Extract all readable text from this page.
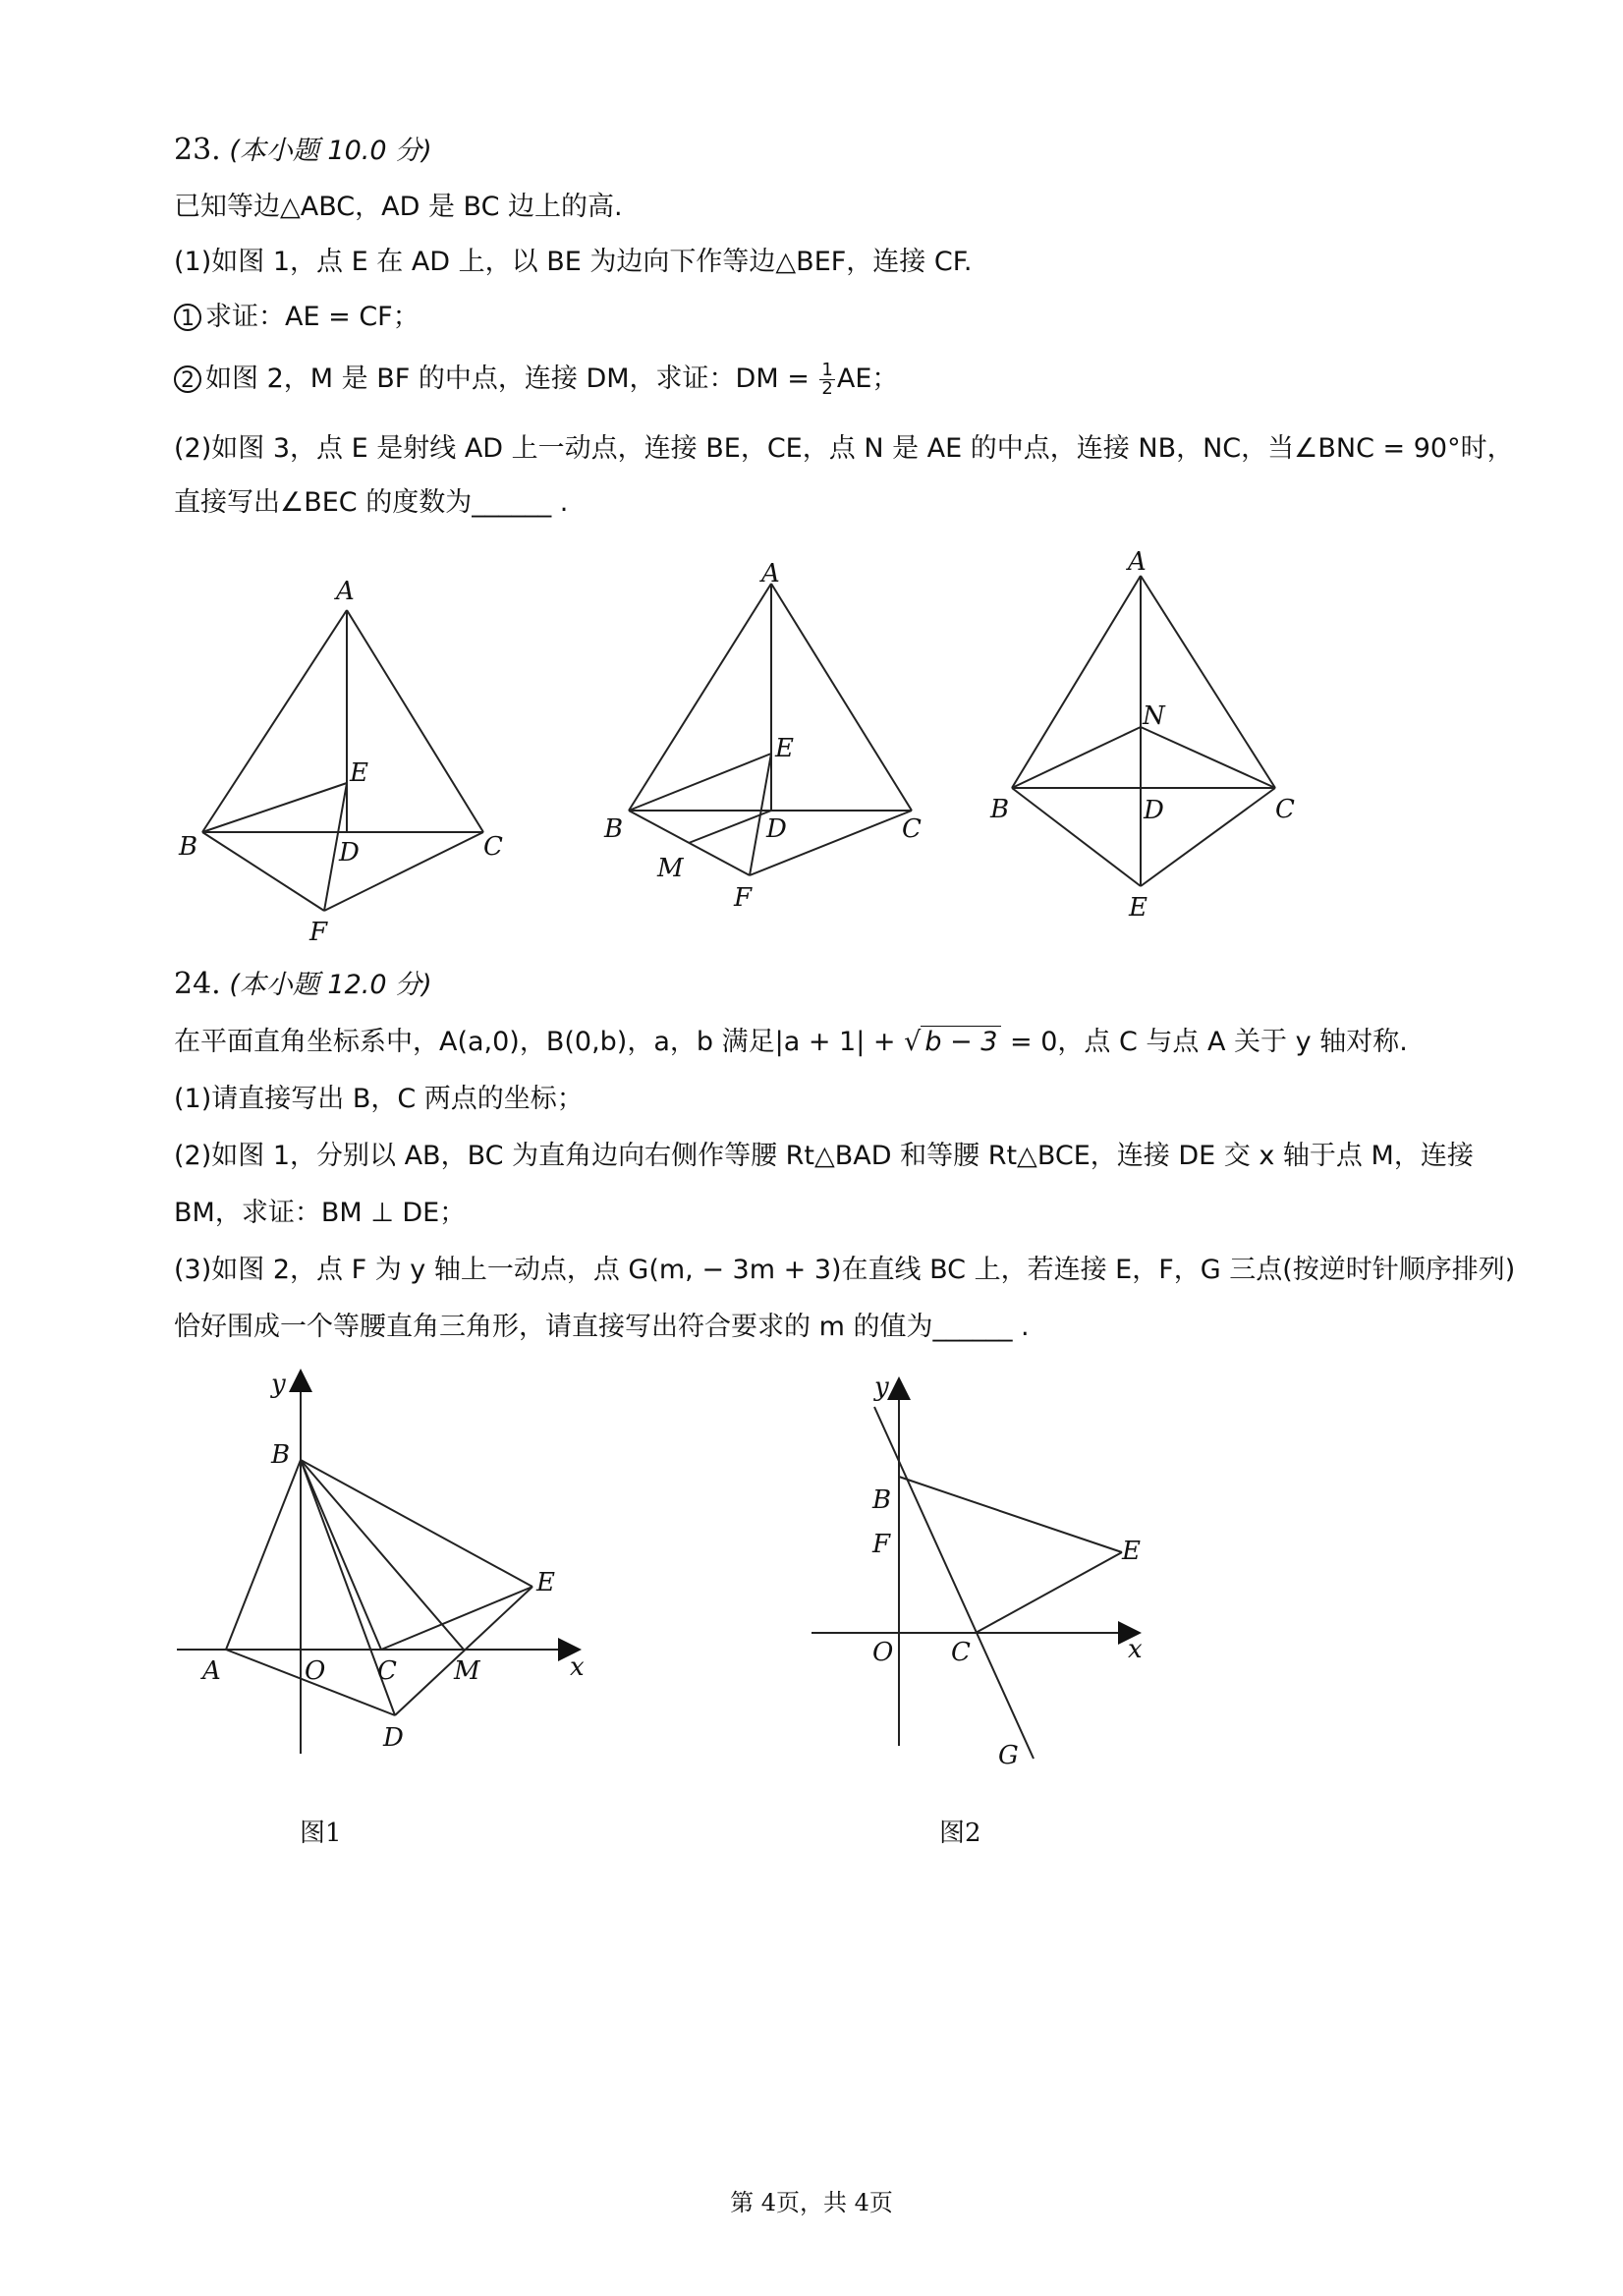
23. (本小题 10.0 分)
已知等边△ABC，AD 是 BC 边上的高.
(1)如图 1，点 E 在 AD 上，以 BE 为边向下作等边△BEF，连接 CF.
1 求证：AE = CF；
2 如图 2，M 是 BF 的中点，连接 DM，求证：DM = $\frac{1}{2}$ AE；
(2)如图 3，点 E 是射线 AD 上一动点，连接 BE，CE，点 N 是 AE 的中点，连接 NB，NC，当∠BNC = 90°时，
直接写出∠BEC 的度数为______ .
A
B	C
D
E
F
A
B	C
D
E
F
M
A
N
B	C
D
E
24. (本小题 12.0 分)
在平面直角坐标系中，A(a,0)，B(0,b)，a，b 满足|a + 1| + √ b − 3 = 0，点 C 与点 A 关于 y 轴对称.
(1)请直接写出 B，C 两点的坐标；
(2)如图 1，分别以 AB，BC 为直角边向右侧作等腰 Rt△BAD 和等腰 Rt△BCE，连接 DE 交 x 轴于点 M，连接
BM，求证：BM ⊥ DE；
(3)如图 2，点 F 为 y 轴上一动点，点 G(m, − 3m + 3)在直线 BC 上，若连接 E，F，G 三点(按逆时针顺序排列)
恰好围成一个等腰直角三角形，请直接写出符合要求的 m 的值为______ .
y
x
B
E
A	O C M
D
图1
y
x
B
F	E
O C
G
图2
第 4页，共 4页
